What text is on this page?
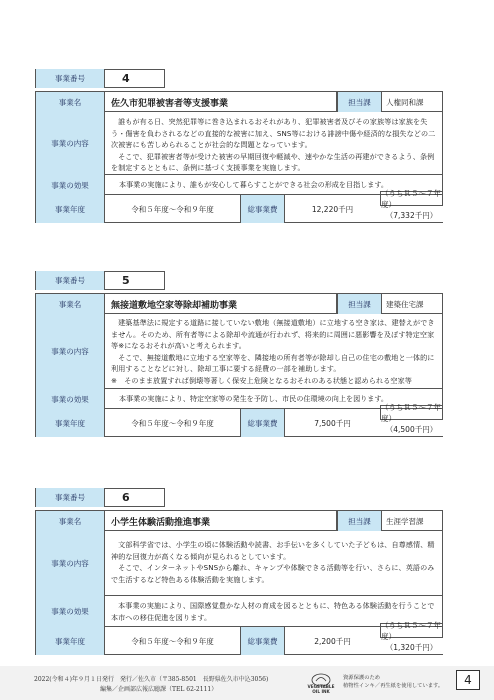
事業番号	4
事業名	佐久市犯罪被害者等支援事業	担当課	人権同和課
事業の内容

誰もが有る日、突然犯罪等に巻き込まれるおそれがあり、犯罪被害者及びその家族等は家族を失う・傷害を負わされるなどの直接的な被害に加え、SNS等における誹謗中傷や経済的な損失などの二次被害にも苦しめられることが社会的な問題となっています。

そこで、犯罪被害者等が受けた被害の早期回復や軽減や、速やかな生活の再建ができるよう、条例を制定するとともに、条例に基づく支援事業を実施します。

事業の効果	本事業の実施により、誰もが安心して暮らすことができる社会の形成を目指します。
事業年度	令和５年度～令和９年度	総事業費	12,220千円
（うちＲ５～７年度）
（7,332千円）
事業番号	5
事業名	無接道敷地空家等除却補助事業	担当課	建築住宅課
事業の内容

建築基準法に規定する道路に接していない敷地（無接道敷地）に立地する空き家は、建替えができません。そのため、所有者等による除却や流通が行われず、将来的に周囲に悪影響を及ぼす特定空家等※になるおそれが高いと考えられます。

そこで、無接道敷地に立地する空家等を、隣接地の所有者等が除却し自己の住宅の敷地と一体的に利用することなどに対し、除却工事に要する経費の一部を補助します。

※　そのまま放置すれば倒壊等著しく保安上危険となるおそれのある状態と認められる空家等

事業の効果	本事業の実施により、特定空家等の発生を予防し、市民の住環境の向上を図ります。
事業年度	令和５年度～令和９年度	総事業費	7,500千円
（うちＲ５～７年度）
（4,500千円）
事業番号	6
事業名	小学生体験活動推進事業	担当課	生涯学習課
事業の内容

文部科学省では、小学生の頃に体験活動や読書、お手伝いを多くしていた子どもは、自尊感情、精神的な回復力が高くなる傾向が見られるとしています。

そこで、インターネットやSNSから離れ、キャンプや体験できる活動等を行い、さらに、英語のみで生活するなど特色ある体験活動を実施します。

事業の効果
本事業の実施により、国際感覚豊かな人材の育成を図るとともに、特色ある体験活動を行うことで本市への移住促進を図ります。
事業年度	令和５年度～令和９年度	総事業費	2,200千円
（うちＲ５～７年度）
（1,320千円）
2022(令和４)年９月１日発行　発行／佐久市（〒385-8501　長野県佐久市中込3056)
編集／企画部広報広聴課（TEL 62-2111）	VEGETABLE
OIL INK
資源保護のため
植物性インキ／再生紙を使用しています。	4
